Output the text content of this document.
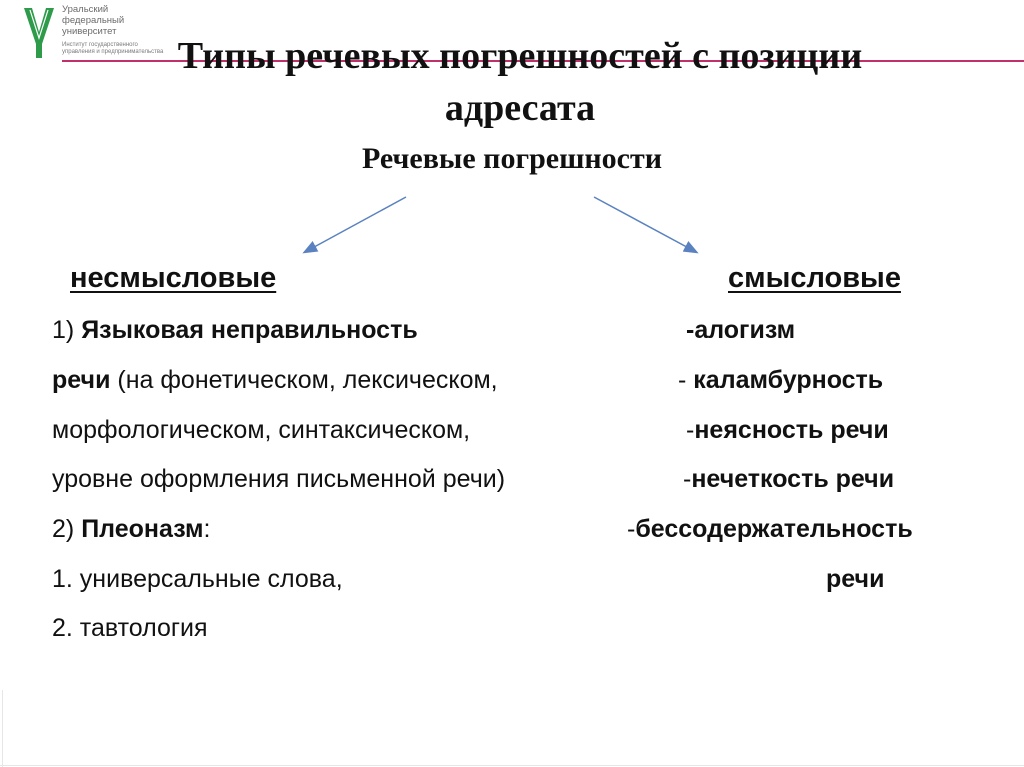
Уральский
федеральный
университет
Институт государственного
управления и предпринимательства Типы речевых погрешностей с позиции
адресата
Речевые погрешности
несмысловые
1) Языковая неправильность
речи (на фонетическом, лексическом,
морфологическом, синтаксическом,
уровне оформления письменной речи)
2) Плеоназм:
1. универсальные слова,
2. тавтология
смысловые
-алогизм
- каламбурность
-неясность речи
-нечеткость речи
-бессодержательность
речи
